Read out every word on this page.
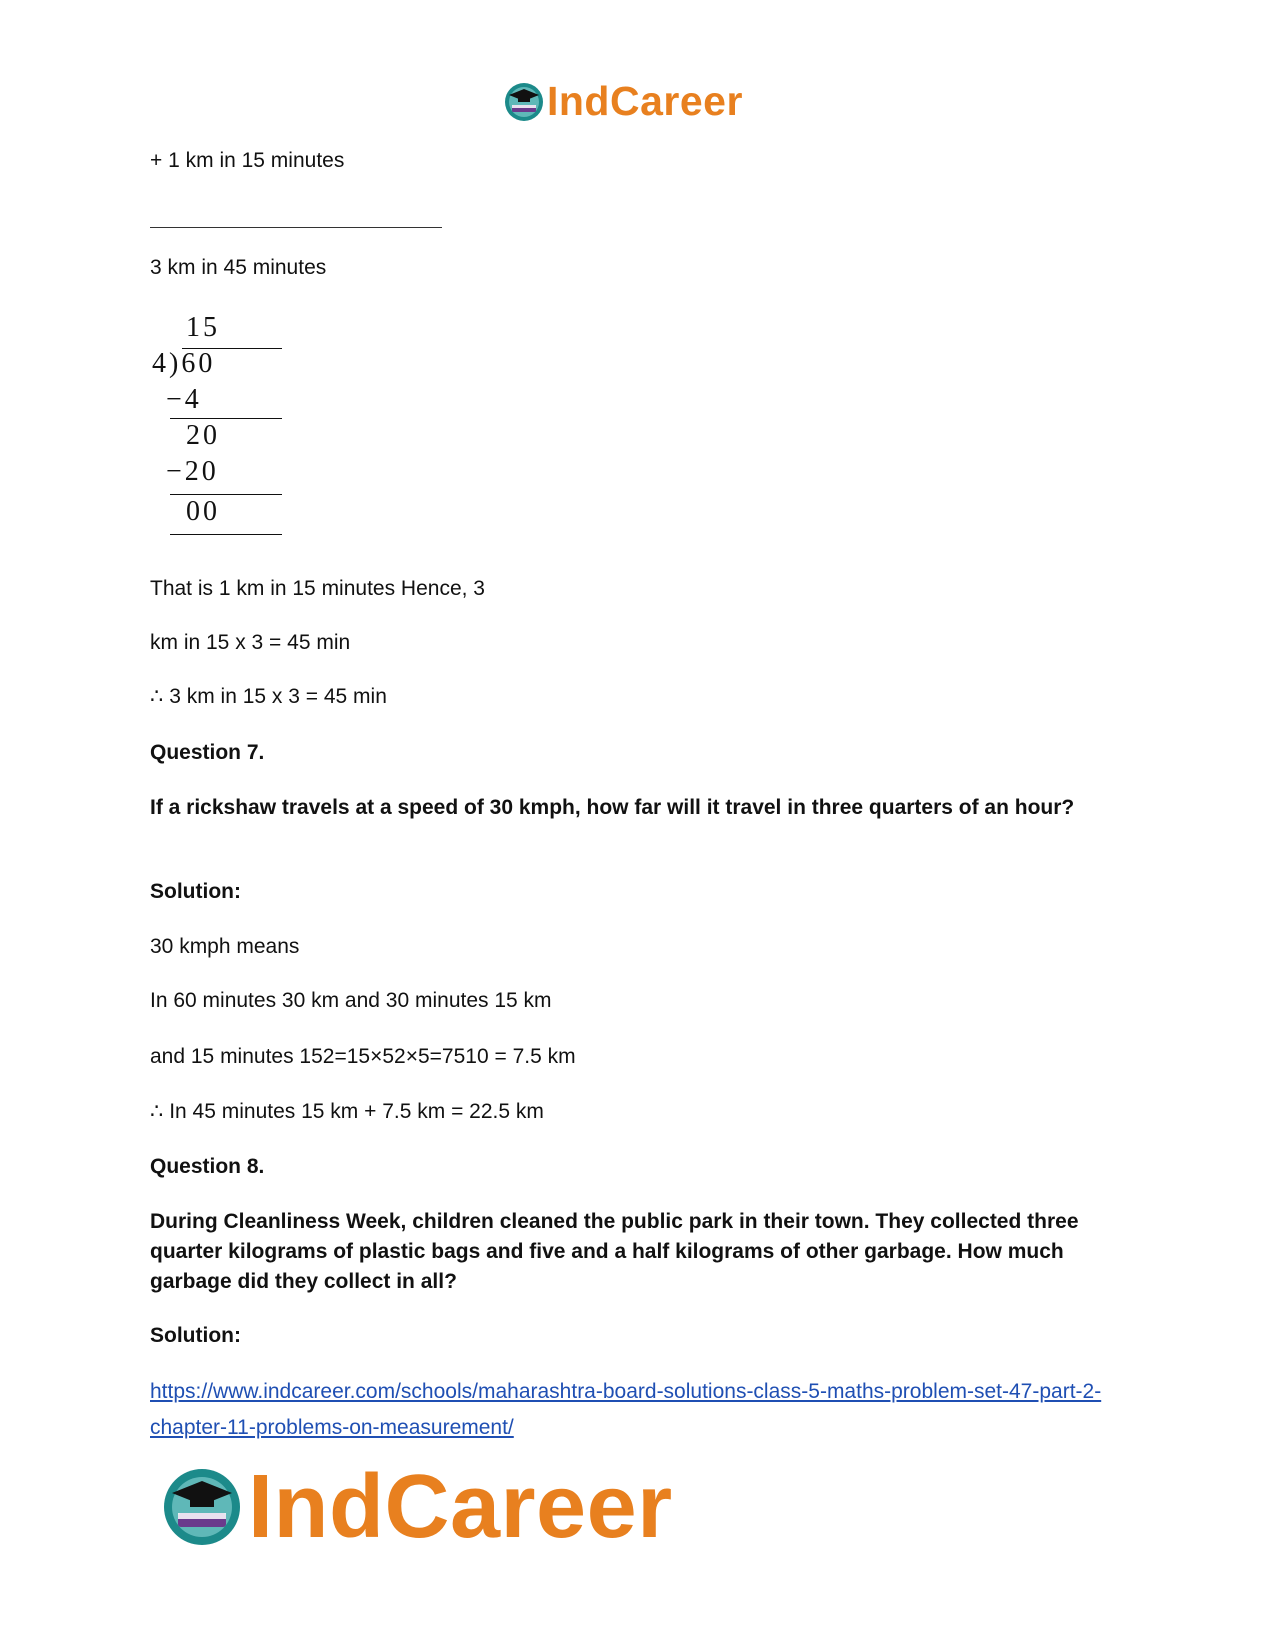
IndCareer
+ 1 km in 15 minutes
3 km in 45 minutes
15
4)60
−4
20
−20
00
That is 1 km in 15 minutes Hence, 3
km in 15 x 3 = 45 min
∴ 3 km in 15 x 3 = 45 min
Question 7.
If a rickshaw travels at a speed of 30 kmph, how far will it travel in three quarters of an hour?
Solution:
30 kmph means
In 60 minutes 30 km and 30 minutes 15 km
and 15 minutes 152=15×52×5=7510 = 7.5 km
∴ In 45 minutes 15 km + 7.5 km = 22.5 km
Question 8.
During Cleanliness Week, children cleaned the public park in their town. They collected three quarter kilograms of plastic bags and five and a half kilograms of other garbage. How much garbage did they collect in all?
Solution:
https://www.indcareer.com/schools/maharashtra-board-solutions-class-5-maths-problem-set-47-part-2-chapter-11-problems-on-measurement/
IndCareer
